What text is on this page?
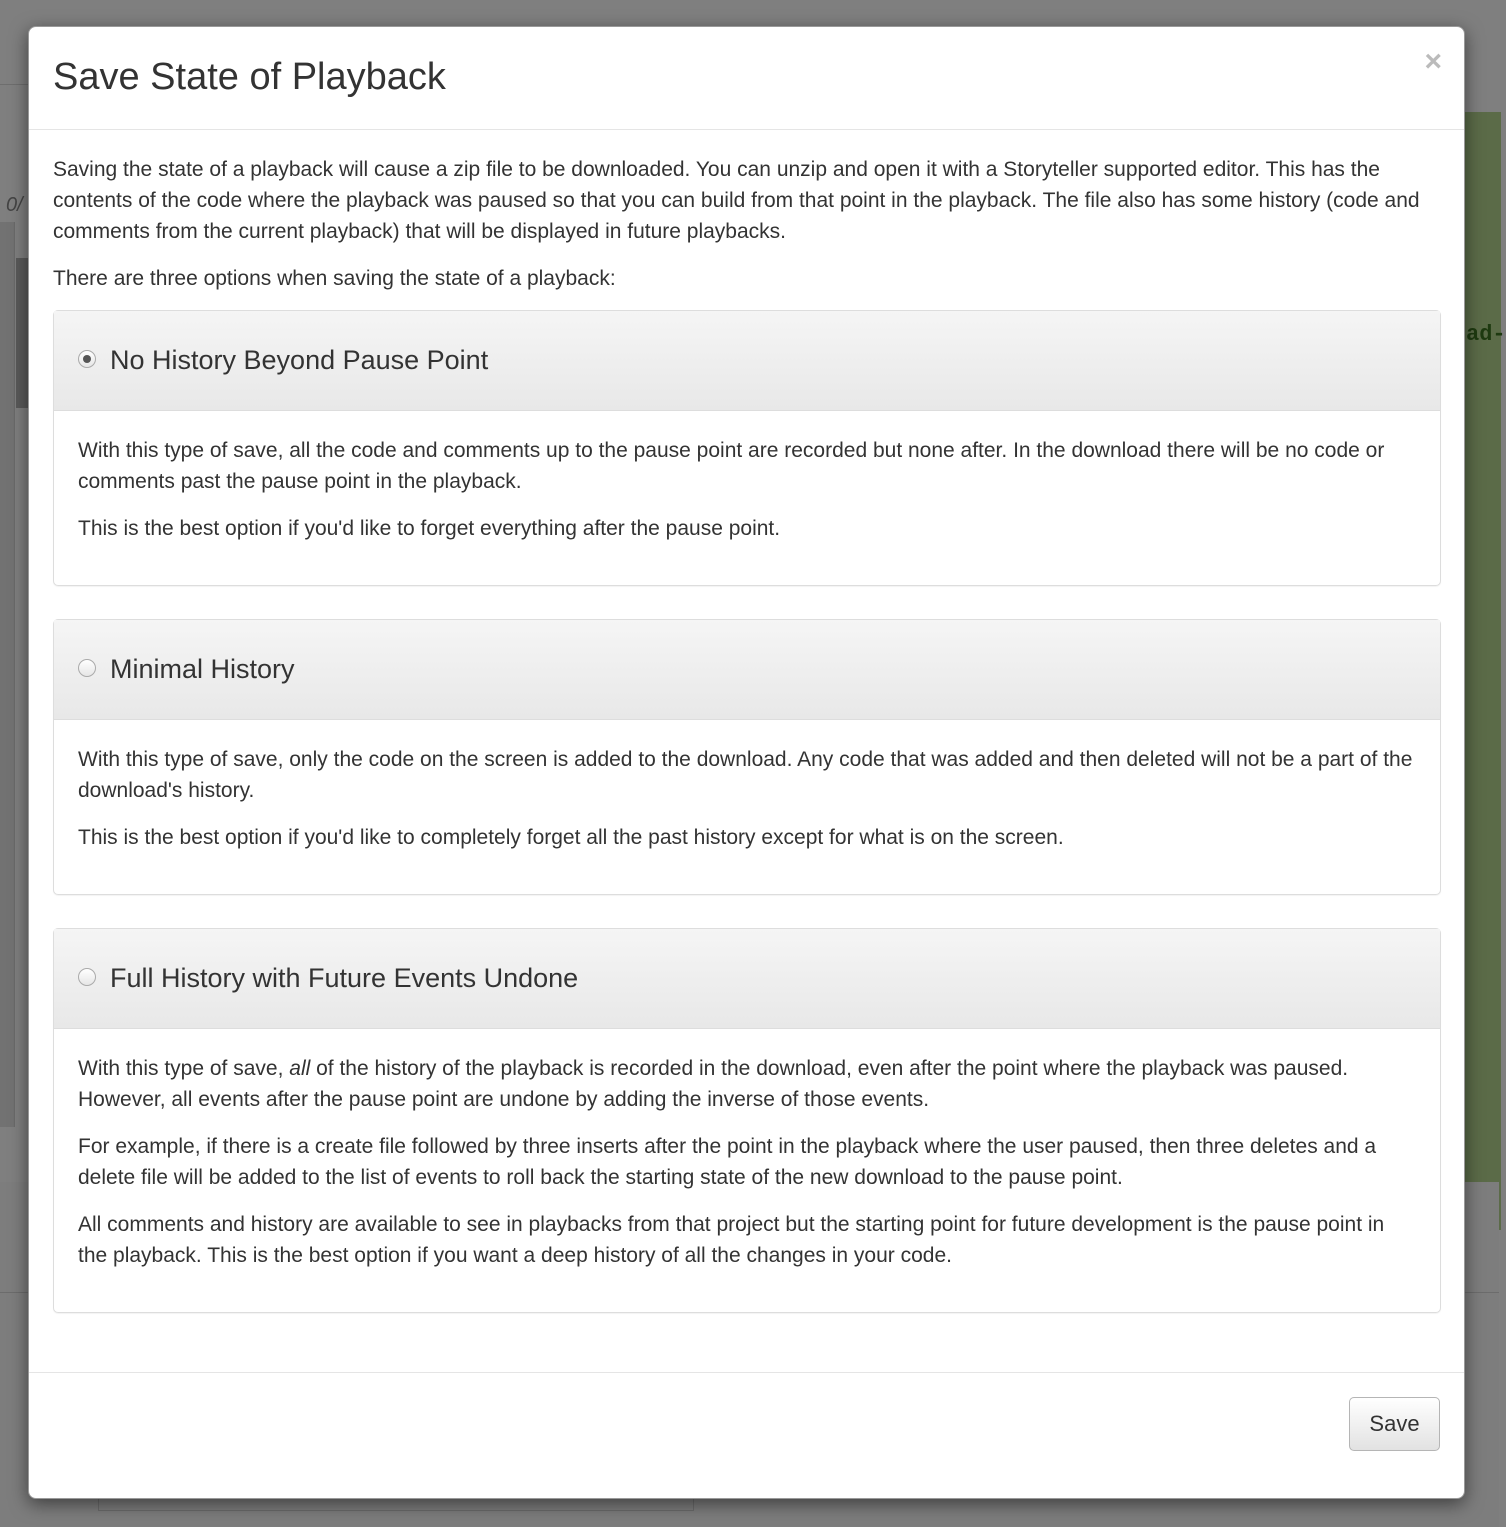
0/
ad-
Save State of Playback	×

Saving the state of a playback will cause a zip file to be downloaded. You can unzip and open it with a Storyteller supported editor. This has the contents of the code where the playback was paused so that you can build from that point in the playback. The file also has some history (code and comments from the current playback) that will be displayed in future playbacks.

There are three options when saving the state of a playback:

No History Beyond Pause Point

With this type of save, all the code and comments up to the pause point are recorded but none after. In the download there will be no code or comments past the pause point in the playback.

This is the best option if you'd like to forget everything after the pause point.

Minimal History

With this type of save, only the code on the screen is added to the download. Any code that was added and then deleted will not be a part of the download's history.

This is the best option if you'd like to completely forget all the past history except for what is on the screen.

Full History with Future Events Undone

With this type of save, all of the history of the playback is recorded in the download, even after the point where the playback was paused. However, all events after the pause point are undone by adding the inverse of those events.

For example, if there is a create file followed by three inserts after the point in the playback where the user paused, then three deletes and a delete file will be added to the list of events to roll back the starting state of the new download to the pause point.

All comments and history are available to see in playbacks from that project but the starting point for future development is the pause point in the playback. This is the best option if you want a deep history of all the changes in your code.

Save
